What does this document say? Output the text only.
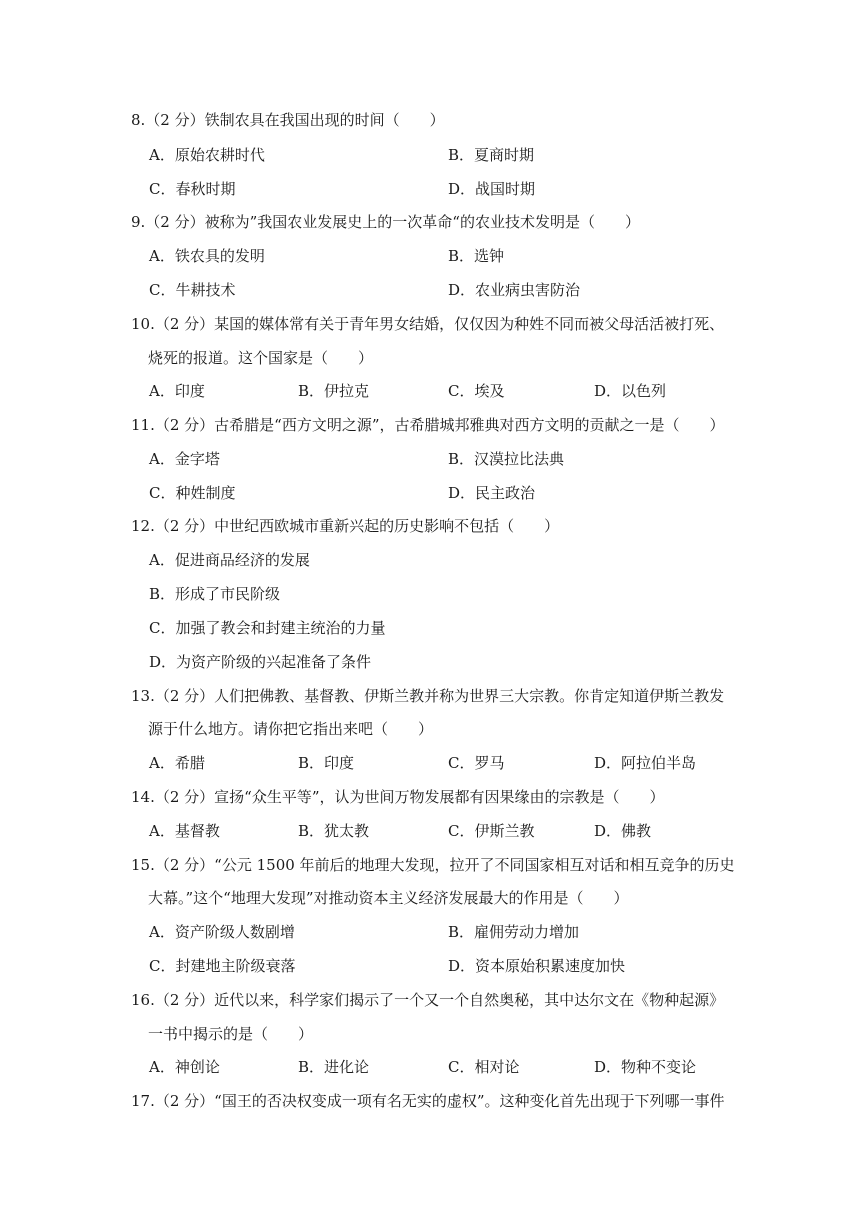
8.（2 分）铁制农具在我国出现的时间（　　）
A．原始农耕时代	B．夏商时期
C．春秋时期	D．战国时期
9.（2 分）被称为”我国农业发展史上的一次革命“的农业技术发明是（　　）
A．铁农具的发明	B．选钟
C．牛耕技术	D．农业病虫害防治
10.（2 分）某国的媒体常有关于青年男女结婚，仅仅因为种姓不同而被父母活活被打死、
烧死的报道。这个国家是（　　）
A．印度	B．伊拉克	C．埃及	D．以色列
11.（2 分）古希腊是“西方文明之源”，古希腊城邦雅典对西方文明的贡献之一是（　　）
A．金字塔	B．汉漠拉比法典
C．种姓制度	D．民主政治
12.（2 分）中世纪西欧城市重新兴起的历史影响不包括（　　）
A．促进商品经济的发展
B．形成了市民阶级
C．加强了教会和封建主统治的力量
D．为资产阶级的兴起准备了条件
13.（2 分）人们把佛教、基督教、伊斯兰教并称为世界三大宗教。你肯定知道伊斯兰教发
源于什么地方。请你把它指出来吧（　　）
A．希腊	B．印度	C．罗马	D．阿拉伯半岛
14.（2 分）宣扬“众生平等”，认为世间万物发展都有因果缘由的宗教是（　　）
A．基督教	B．犹太教	C．伊斯兰教	D．佛教
15.（2 分）“公元 1500 年前后的地理大发现，拉开了不同国家相互对话和相互竞争的历史
大幕。”这个“地理大发现”对推动资本主义经济发展最大的作用是（　　）
A．资产阶级人数剧增	B．雇佣劳动力增加
C．封建地主阶级衰落	D．资本原始积累速度加快
16.（2 分）近代以来，科学家们揭示了一个又一个自然奥秘，其中达尔文在《物种起源》
一书中揭示的是（　　）
A．神创论	B．进化论	C．相对论	D．物种不变论
17.（2 分）“国王的否决权变成一项有名无实的虚权”。这种变化首先出现于下列哪一事件
